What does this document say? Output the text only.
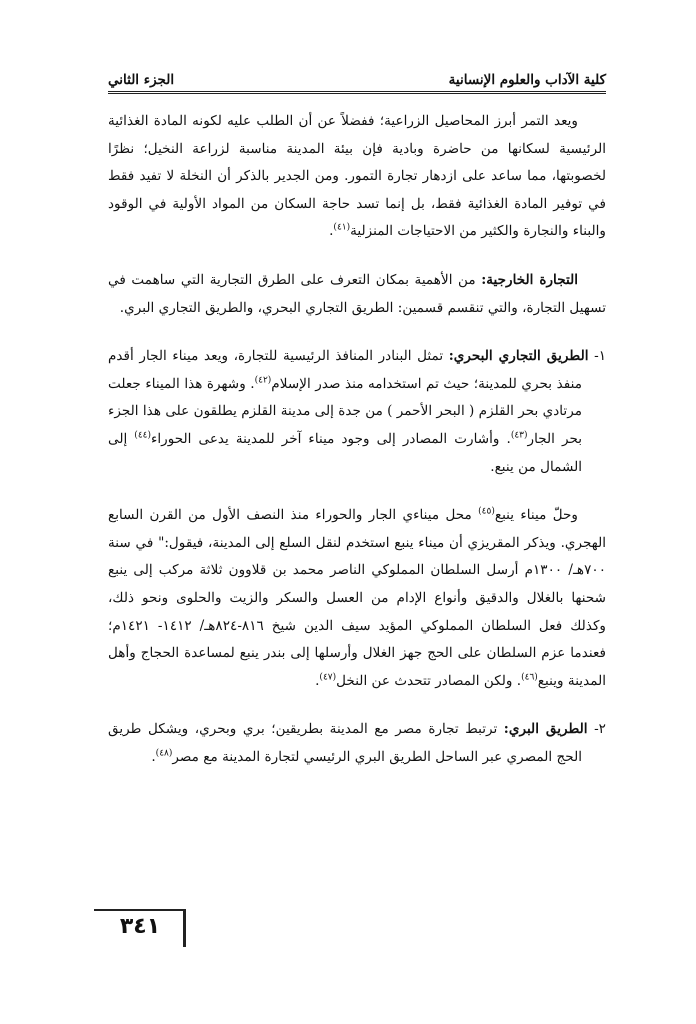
كلية الآداب والعلوم الإنسانية
الجزء الثاني

ويعد التمر أبرز المحاصيل الزراعية؛ ففضلاً عن أن الطلب عليه لكونه المادة الغذائية الرئيسية لسكانها من حاضرة وبادية فإن بيئة المدينة مناسبة لزراعة النخيل؛ نظرًا لخصوبتها، مما ساعد على ازدهار تجارة التمور. ومن الجدير بالذكر أن النخلة لا تفيد فقط في توفير المادة الغذائية فقط، بل إنما تسد حاجة السكان من المواد الأولية في الوقود والبناء والنجارة والكثير من الاحتياجات المنزلية$^{(٤١)}$.

التجارة الخارجية: من الأهمية بمكان التعرف على الطرق التجارية التي ساهمت في تسهيل التجارة، والتي تنقسم قسمين: الطريق التجاري البحري، والطريق التجاري البري.

١- الطريق التجاري البحري: تمثل البنادر المنافذ الرئيسية للتجارة، ويعد ميناء الجار أقدم منفذ بحري للمدينة؛ حيث تم استخدامه منذ صدر الإسلام$^{(٤٢)}$. وشهرة هذا الميناء جعلت مرتادي بحر القلزم ( البحر الأحمر ) من جدة إلى مدينة القلزم يطلقون على هذا الجزء بحر الجار$^{(٤٣)}$. وأشارت المصادر إلى وجود ميناء آخر للمدينة يدعى الحوراء$^{(٤٤)}$ إلى الشمال من ينبع.

وحلّ ميناء ينبع$^{(٤٥)}$ محل ميناءي الجار والحوراء منذ النصف الأول من القرن السابع الهجري. ويذكر المقريزي أن ميناء ينبع استخدم لنقل السلع إلى المدينة، فيقول:" في سنة ٧٠٠هـ/ ١٣٠٠م أرسل السلطان المملوكي الناصر محمد بن قلاوون ثلاثة مركب إلى ينبع شحنها بالغلال والدقيق وأنواع الإدام من العسل والسكر والزيت والحلوى ونحو ذلك، وكذلك فعل السلطان المملوكي المؤيد سيف الدين شيخ ٨١٦-٨٢٤هـ/ ١٤١٢- ١٤٢١م؛ فعندما عزم السلطان على الحج جهز الغلال وأرسلها إلى بندر ينبع لمساعدة الحجاج وأهل المدينة وينبع$^{(٤٦)}$. ولكن المصادر تتحدث عن النخل$^{(٤٧)}$.

٢- الطريق البري: ترتبط تجارة مصر مع المدينة بطريقين؛ بري وبحري، ويشكل طريق الحج المصري عبر الساحل الطريق البري الرئيسي لتجارة المدينة مع مصر$^{(٤٨)}$.

٣٤١
